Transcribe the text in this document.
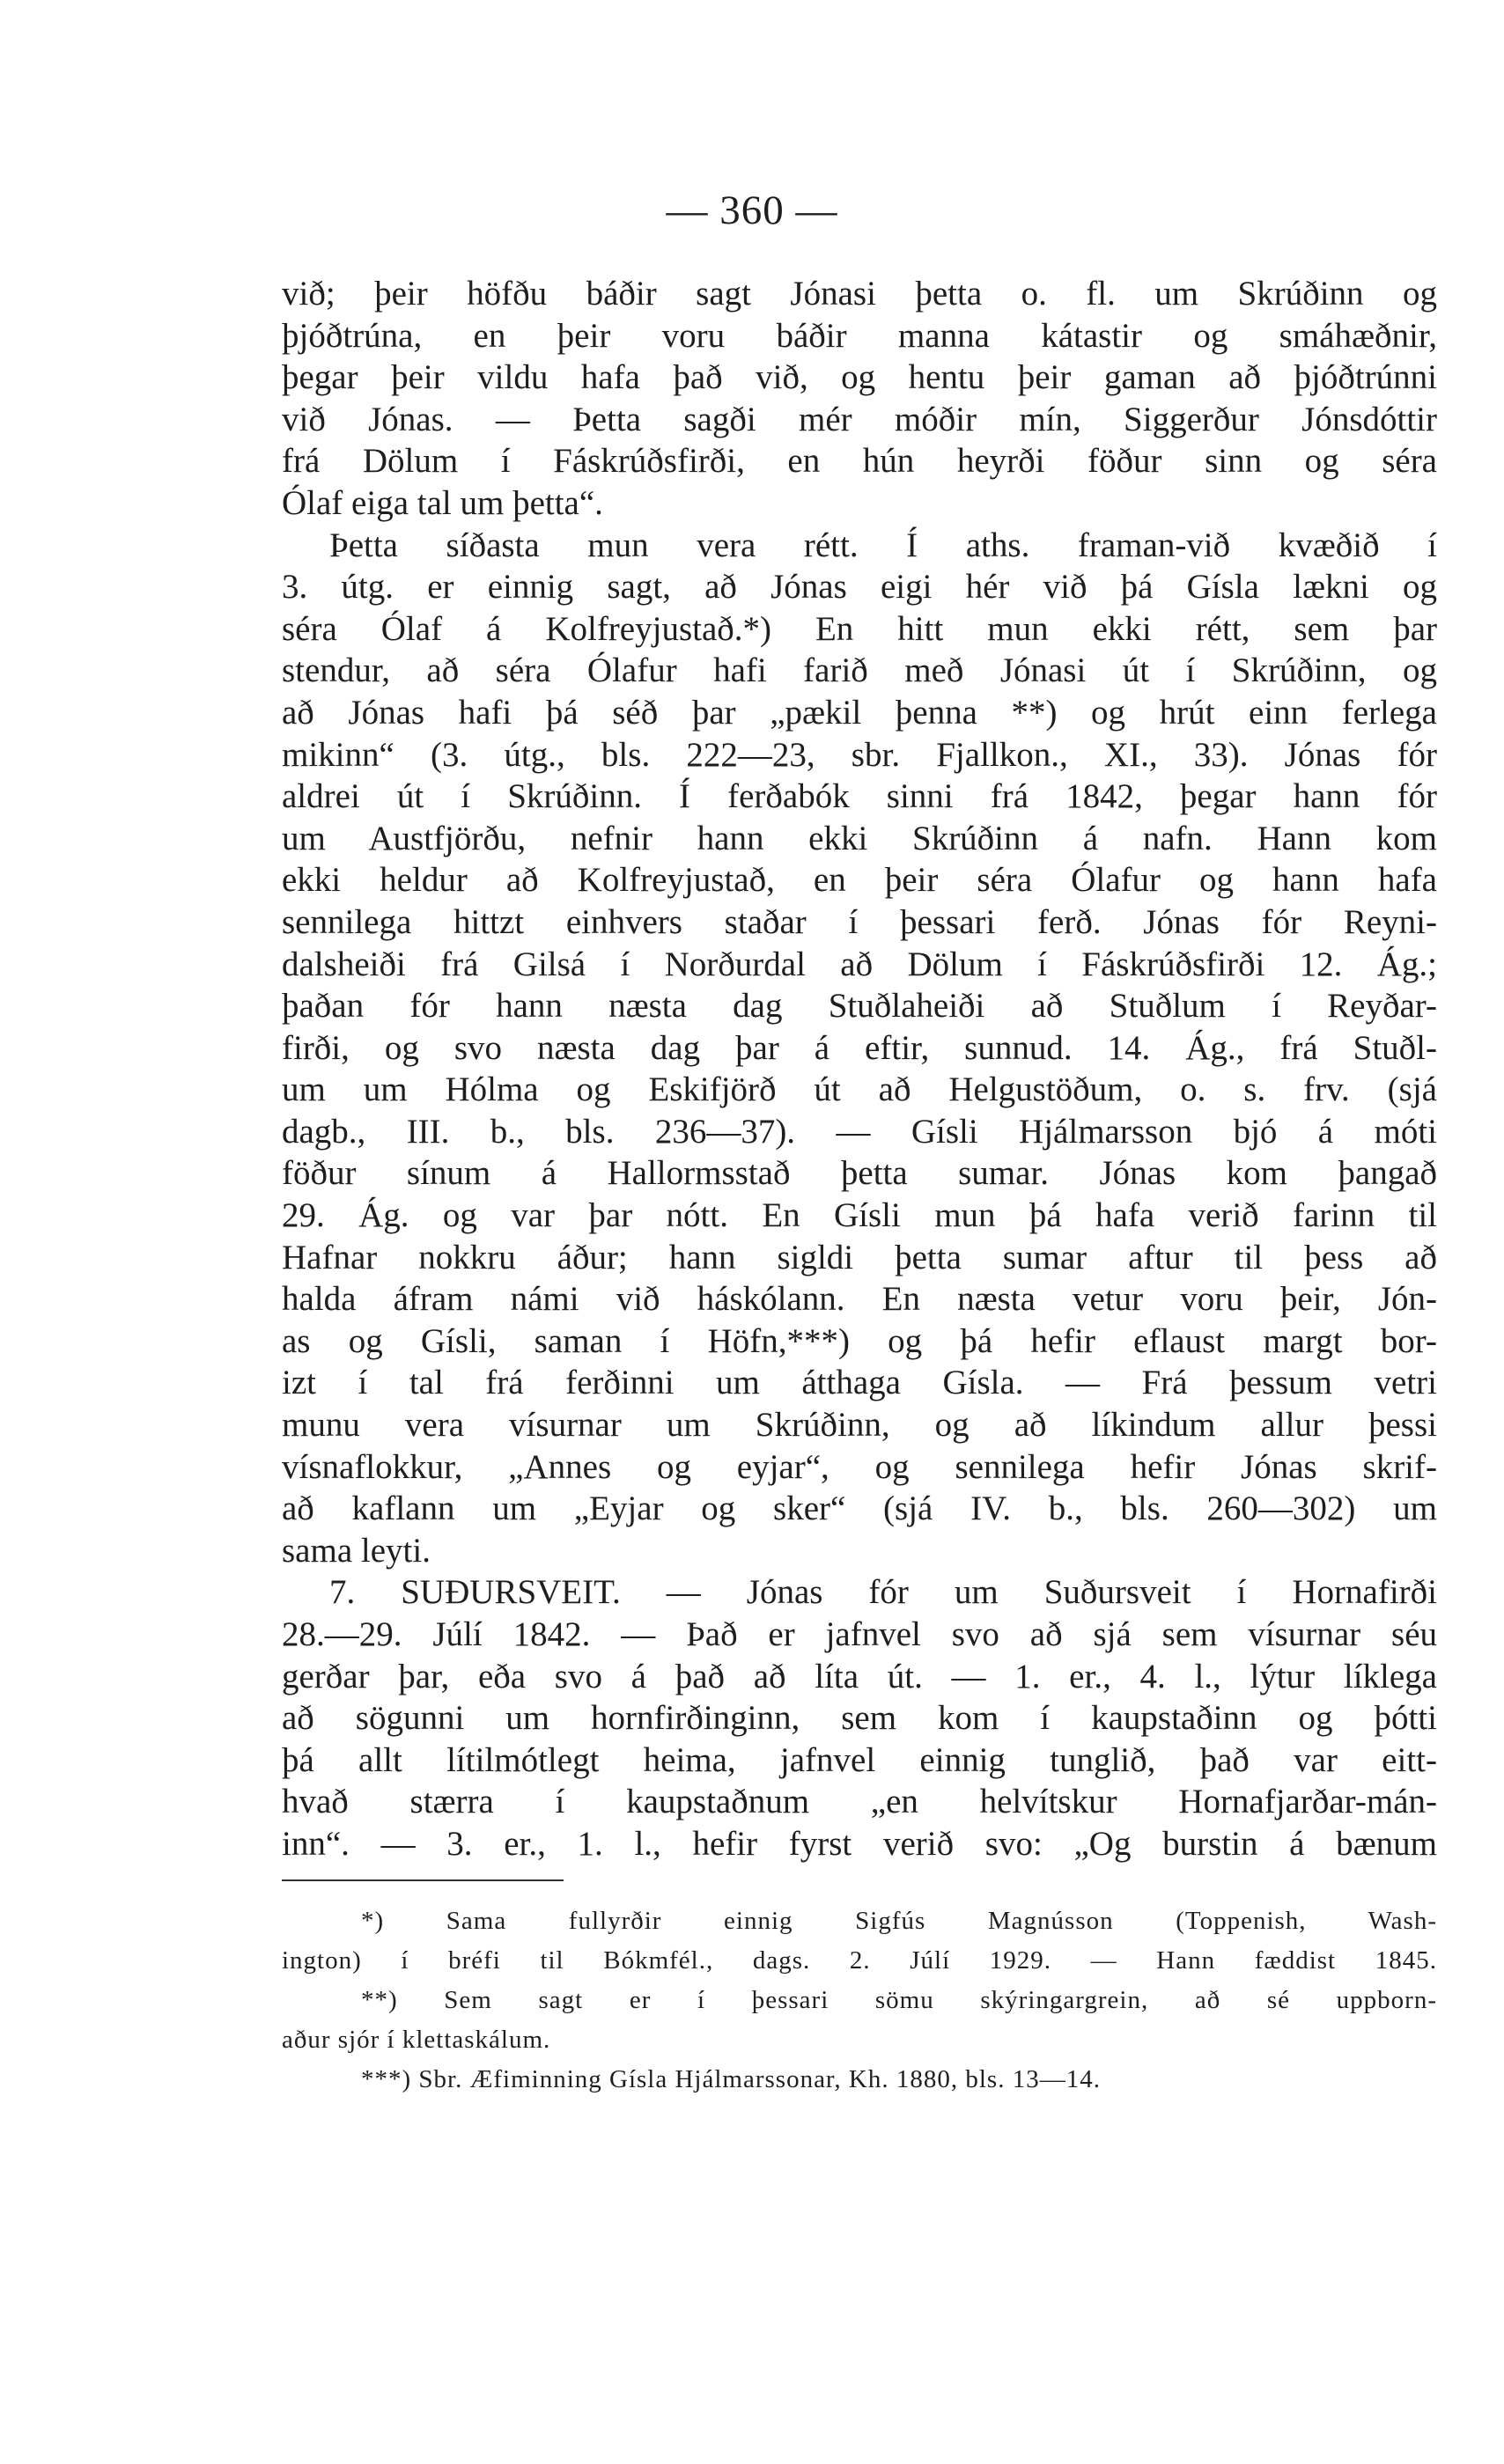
— 360 —
við; þeir höfðu báðir sagt Jónasi þetta o. fl. um Skrúðinn og
þjóðtrúna, en þeir voru báðir manna kátastir og smáhæðnir,
þegar þeir vildu hafa það við, og hentu þeir gaman að þjóðtrúnni
við Jónas. — Þetta sagði mér móðir mín, Siggerður Jónsdóttir
frá Dölum í Fáskrúðsfirði, en hún heyrði föður sinn og séra
Ólaf eiga tal um þetta“.
Þetta síðasta mun vera rétt. Í aths. framan-við kvæðið í
3. útg. er einnig sagt, að Jónas eigi hér við þá Gísla lækni og
séra Ólaf á Kolfreyjustað.*) En hitt mun ekki rétt, sem þar
stendur, að séra Ólafur hafi farið með Jónasi út í Skrúðinn, og
að Jónas hafi þá séð þar „pækil þenna **) og hrút einn ferlega
mikinn“ (3. útg., bls. 222—23, sbr. Fjallkon., XI., 33). Jónas fór
aldrei út í Skrúðinn. Í ferðabók sinni frá 1842, þegar hann fór
um Austfjörðu, nefnir hann ekki Skrúðinn á nafn. Hann kom
ekki heldur að Kolfreyjustað, en þeir séra Ólafur og hann hafa
sennilega hittzt einhvers staðar í þessari ferð. Jónas fór Reyni-
dalsheiði frá Gilsá í Norðurdal að Dölum í Fáskrúðsfirði 12. Ág.;
þaðan fór hann næsta dag Stuðlaheiði að Stuðlum í Reyðar-
firði, og svo næsta dag þar á eftir, sunnud. 14. Ág., frá Stuðl-
um um Hólma og Eskifjörð út að Helgustöðum, o. s. frv. (sjá
dagb., III. b., bls. 236—37). — Gísli Hjálmarsson bjó á móti
föður sínum á Hallormsstað þetta sumar. Jónas kom þangað
29. Ág. og var þar nótt. En Gísli mun þá hafa verið farinn til
Hafnar nokkru áður; hann sigldi þetta sumar aftur til þess að
halda áfram námi við háskólann. En næsta vetur voru þeir, Jón-
as og Gísli, saman í Höfn,***) og þá hefir eflaust margt bor-
izt í tal frá ferðinni um átthaga Gísla. — Frá þessum vetri
munu vera vísurnar um Skrúðinn, og að líkindum allur þessi
vísnaflokkur, „Annes og eyjar“, og sennilega hefir Jónas skrif-
að kaflann um „Eyjar og sker“ (sjá IV. b., bls. 260—302) um
sama leyti.
7. SUÐURSVEIT. — Jónas fór um Suðursveit í Hornafirði
28.—29. Júlí 1842. — Það er jafnvel svo að sjá sem vísurnar séu
gerðar þar, eða svo á það að líta út. — 1. er., 4. l., lýtur líklega
að sögunni um hornfirðinginn, sem kom í kaupstaðinn og þótti
þá allt lítilmótlegt heima, jafnvel einnig tunglið, það var eitt-
hvað stærra í kaupstaðnum „en helvítskur Hornafjarðar-mán-
inn“. — 3. er., 1. l., hefir fyrst verið svo: „Og burstin á bænum
*) Sama fullyrðir einnig Sigfús Magnússon (Toppenish, Wash-
ington) í bréfi til Bókmfél., dags. 2. Júlí 1929. — Hann fæddist 1845.
**) Sem sagt er í þessari sömu skýringargrein, að sé uppborn-
aður sjór í klettaskálum.
***) Sbr. Æfiminning Gísla Hjálmarssonar, Kh. 1880, bls. 13—14.
